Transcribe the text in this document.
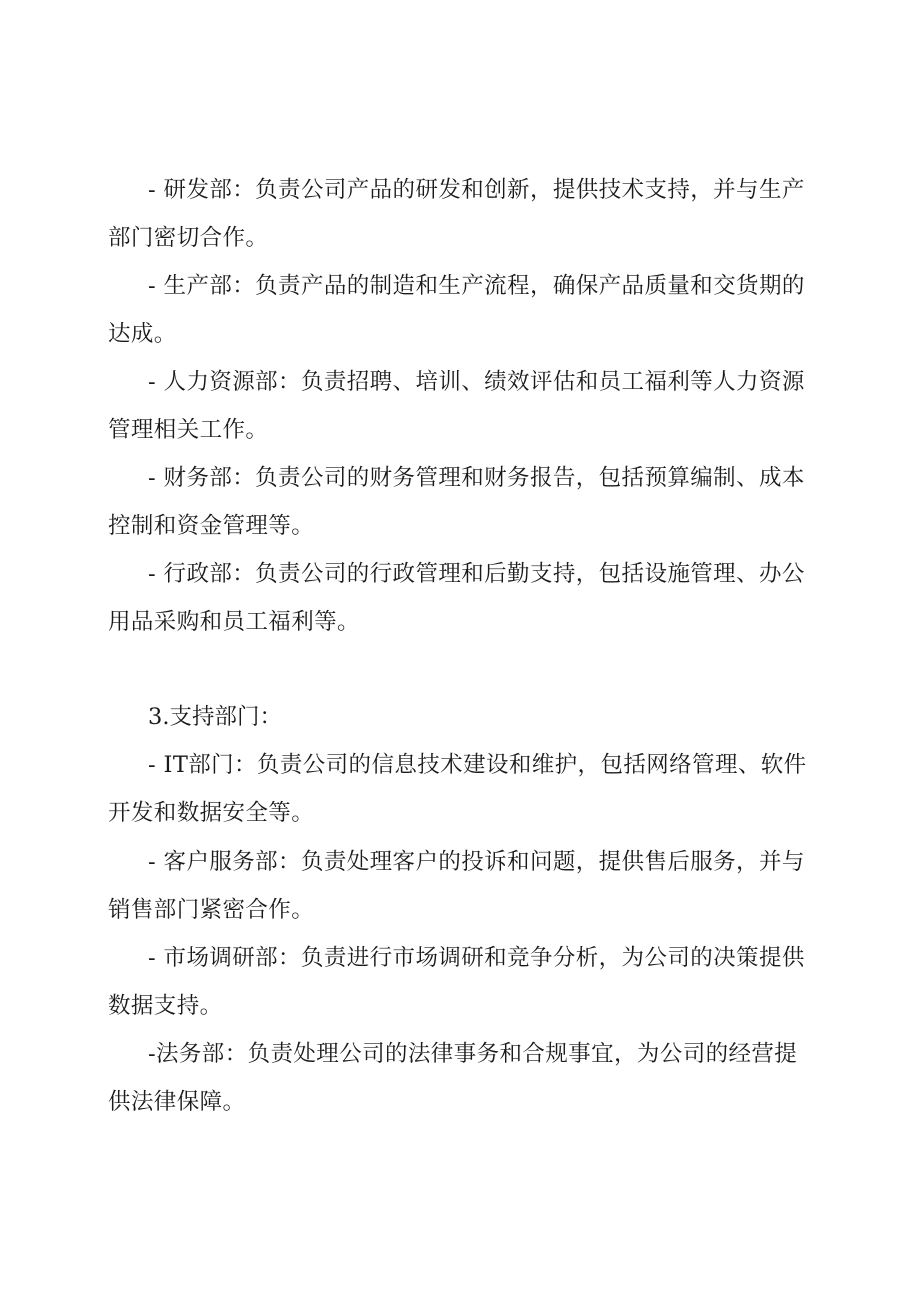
- 研发部：负责公司产品的研发和创新，提供技术支持，并与生产部门密切合作。

- 生产部：负责产品的制造和生产流程，确保产品质量和交货期的达成。

- 人力资源部：负责招聘、培训、绩效评估和员工福利等人力资源管理相关工作。

- 财务部：负责公司的财务管理和财务报告，包括预算编制、成本控制和资金管理等。

- 行政部：负责公司的行政管理和后勤支持，包括设施管理、办公用品采购和员工福利等。

3.支持部门：

- IT部门：负责公司的信息技术建设和维护，包括网络管理、软件开发和数据安全等。

- 客户服务部：负责处理客户的投诉和问题，提供售后服务，并与销售部门紧密合作。

- 市场调研部：负责进行市场调研和竞争分析，为公司的决策提供数据支持。

-法务部：负责处理公司的法律事务和合规事宜，为公司的经营提供法律保障。
